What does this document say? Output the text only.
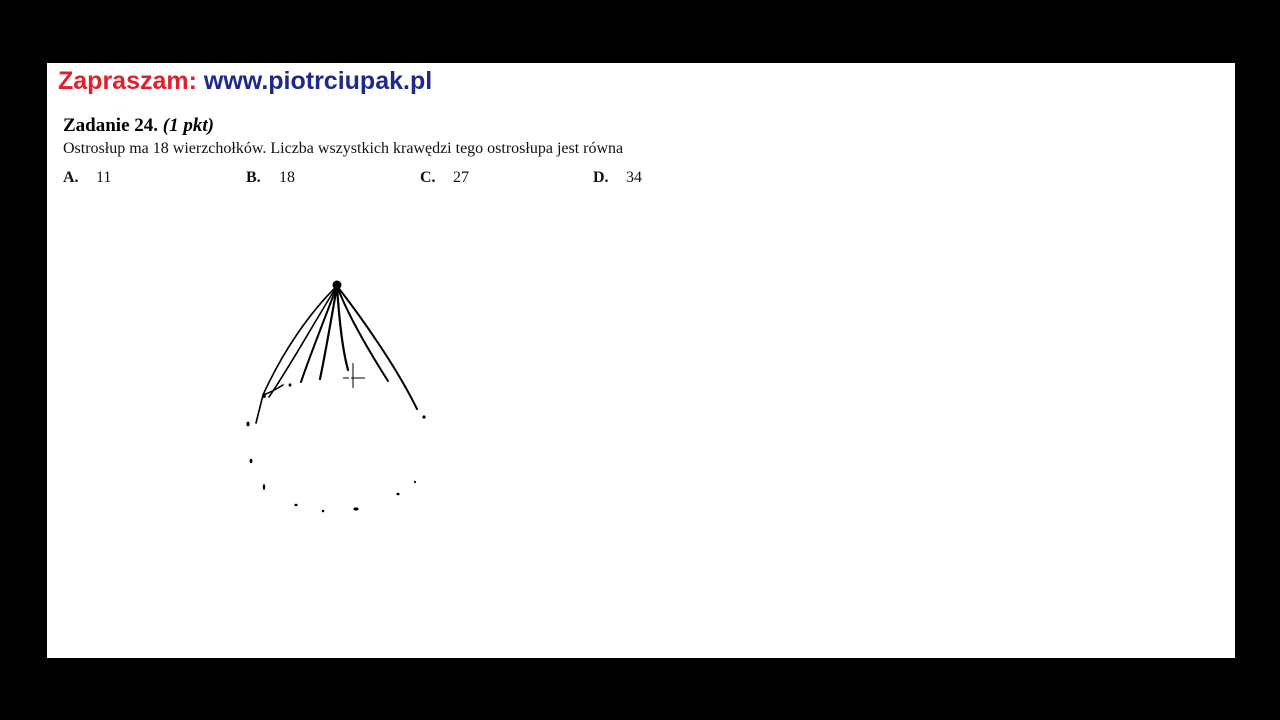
Zapraszam: www.piotrciupak.pl
Zadanie 24. (1 pkt)
Ostrosłup ma 18 wierzchołków. Liczba wszystkich krawędzi tego ostrosłupa jest równa
A. 11	B. 18	C. 27	D. 34
